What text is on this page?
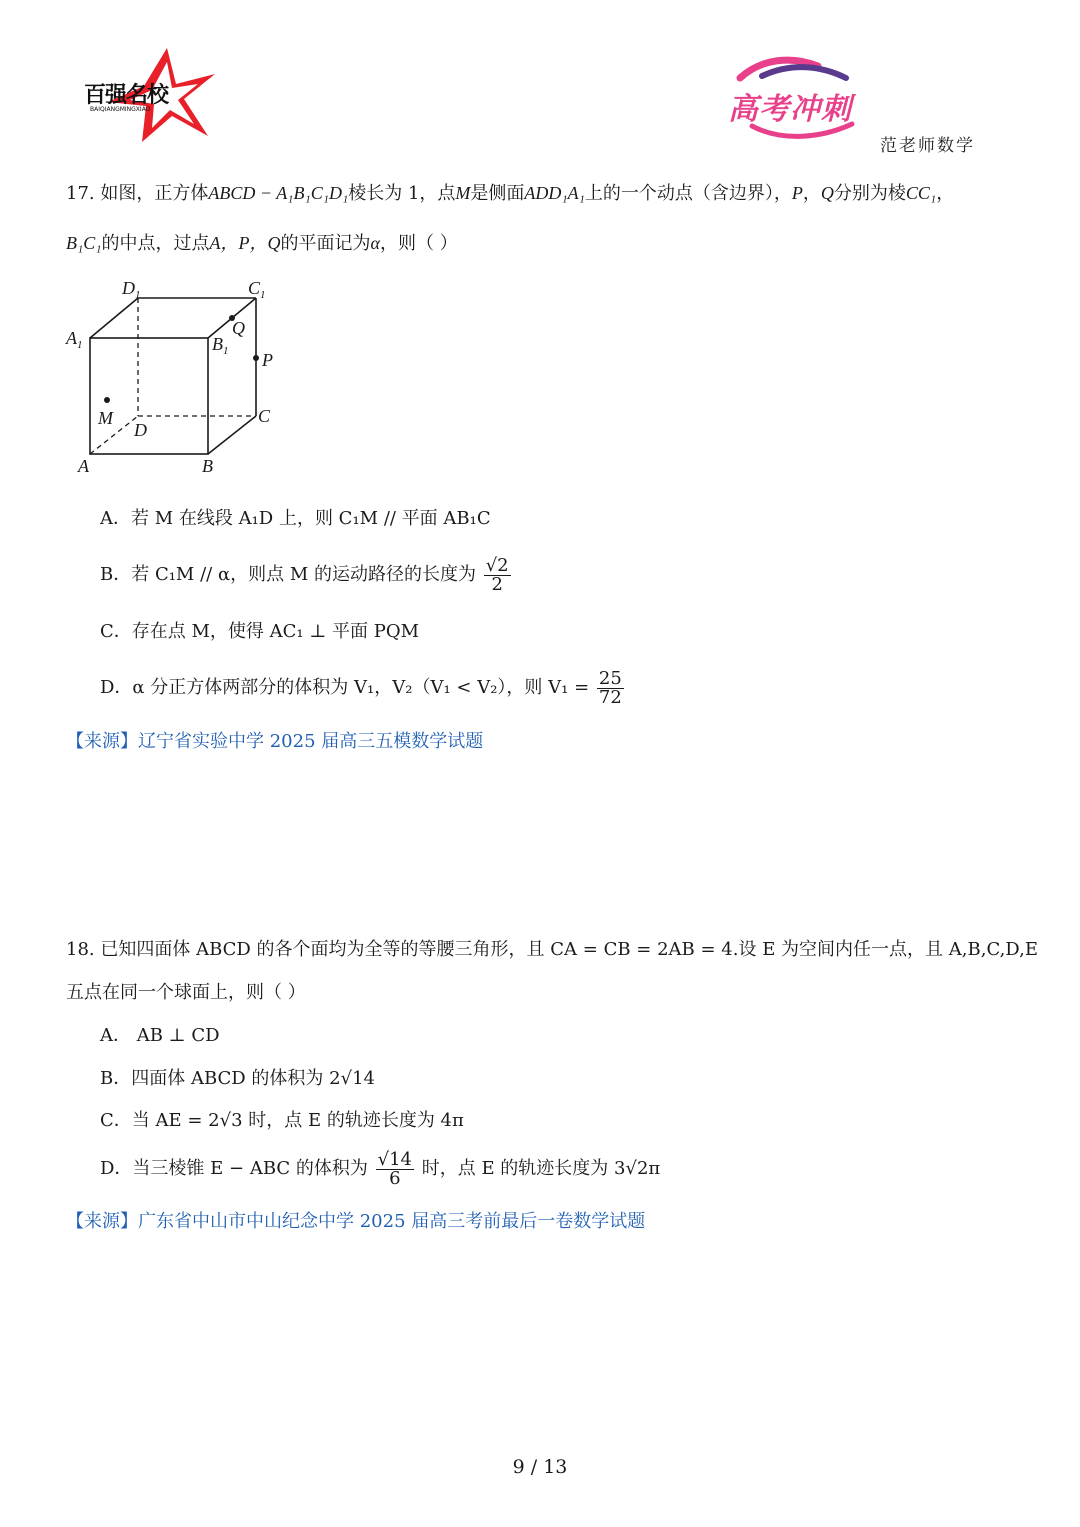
百强名校
BAIQIANGMINGXIAO	高考冲刺
范老师数学
17. 如图，正方体ABCD − A₁B₁C₁D₁棱长为 1，点M是侧面ADD₁A₁上的一个动点（含边界），P，Q分别为棱CC₁，
B₁C₁的中点，过点A，P，Q的平面记为α，则（ ）
$D_1$	$C_1$
$A_1$	$B_1$
Q
P
M
D
C
A	B
A．若 M 在线段 A₁D 上，则 C₁M // 平面 AB₁C
B．若 C₁M // α，则点 M 的运动路径的长度为 $\frac{√2}{2}$
C．存在点 M，使得 AC₁ ⊥ 平面 PQM
D．α 分正方体两部分的体积为 V₁，V₂（V₁ < V₂），则 $V_1 = \frac{25}{72}$
【来源】辽宁省实验中学 2025 届高三五模数学试题
18. 已知四面体 ABCD 的各个面均为全等的等腰三角形，且 CA = CB = 2AB = 4.设 E 为空间内任一点，且 A,B,C,D,E
五点在同一个球面上，则（ ）
A． AB ⊥ CD
B．四面体 ABCD 的体积为 2√14
C．当 AE = 2√3 时，点 E 的轨迹长度为 4π
D．当三棱锥 E − ABC 的体积为 $\frac{√14}{6}$ 时，点 E 的轨迹长度为 3√2π
【来源】广东省中山市中山纪念中学 2025 届高三考前最后一卷数学试题
9 / 13
